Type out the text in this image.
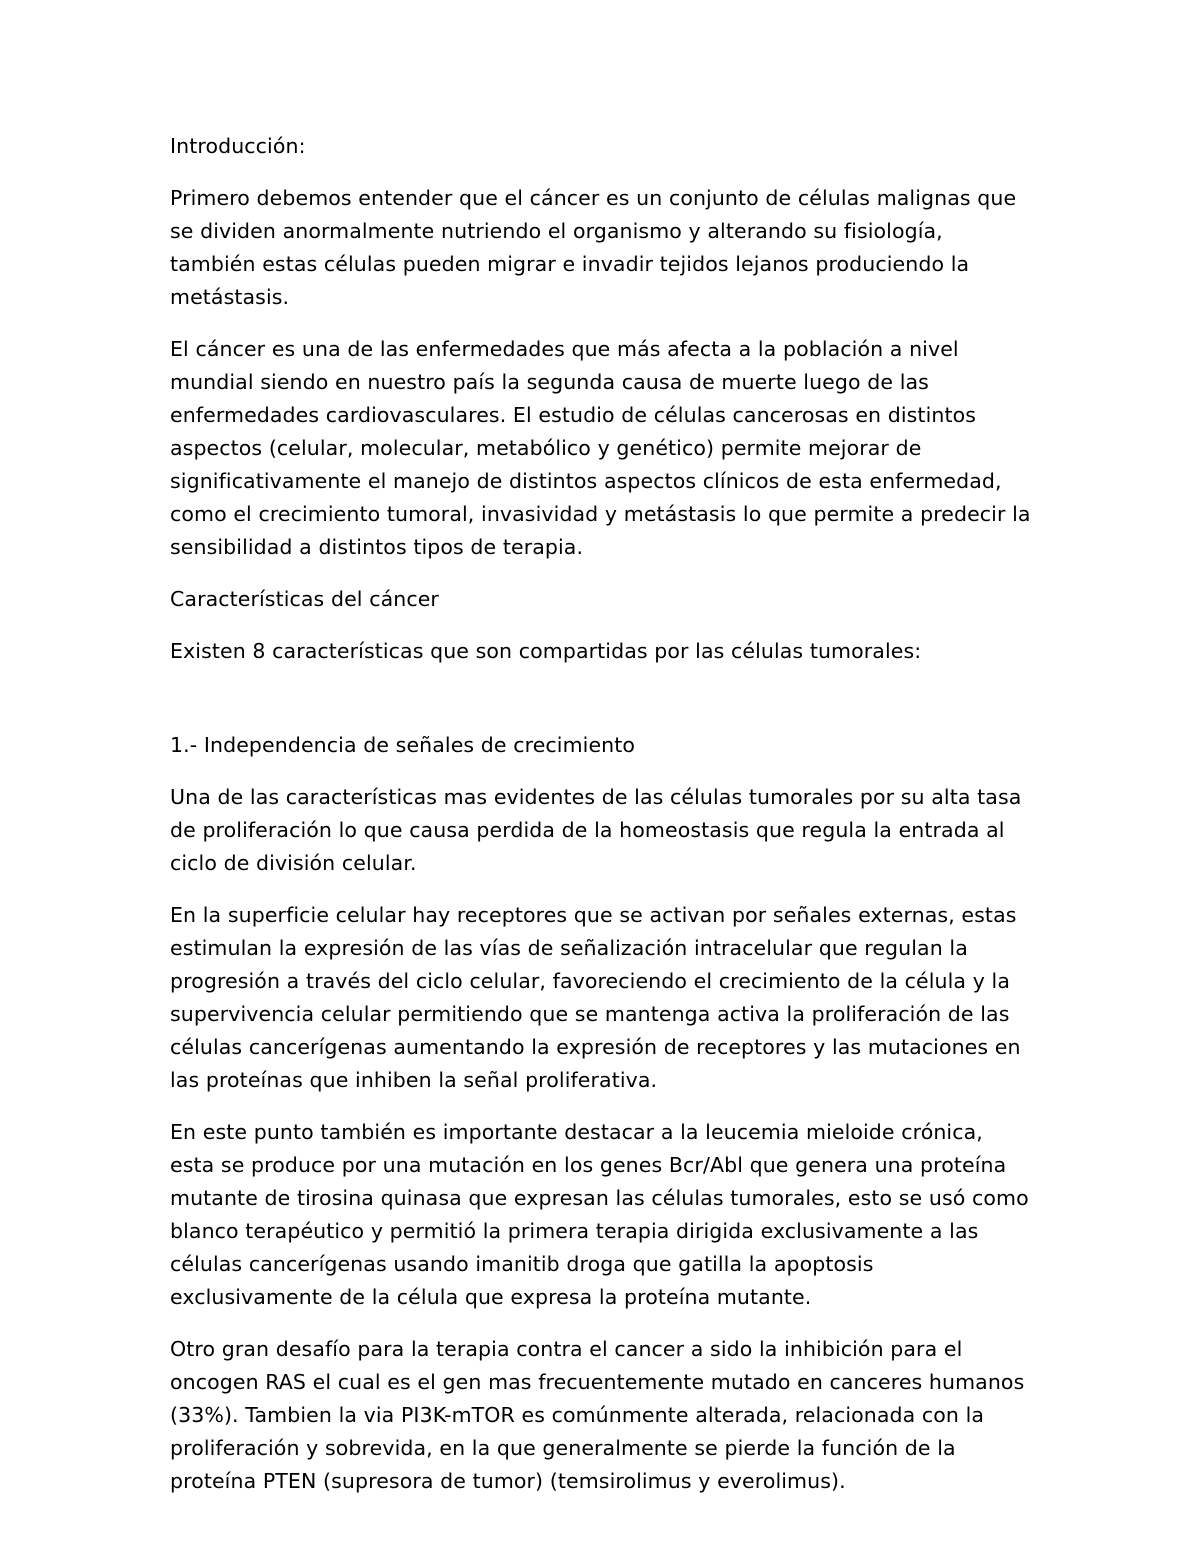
Introducción:

Primero debemos entender que el cáncer es un conjunto de células malignas que se dividen anormalmente nutriendo el organismo y alterando su fisiología, también estas células pueden migrar e invadir tejidos lejanos produciendo la metástasis.

El cáncer es una de las enfermedades que más afecta a la población a nivel mundial siendo en nuestro país la segunda causa de muerte luego de las enfermedades cardiovasculares. El estudio de células cancerosas en distintos aspectos (celular, molecular, metabólico y genético) permite mejorar de significativamente el manejo de distintos aspectos clínicos de esta enfermedad, como el crecimiento tumoral, invasividad y metástasis lo que permite a predecir la sensibilidad a distintos tipos de terapia.

Características del cáncer

Existen 8 características que son compartidas por las células tumorales:

1.- Independencia de señales de crecimiento

Una de las características mas evidentes de las células tumorales por su alta tasa de proliferación lo que causa perdida de la homeostasis que regula la entrada al ciclo de división celular.

En la superficie celular hay receptores que se activan por señales externas, estas estimulan la expresión de las vías de señalización intracelular que regulan la progresión a través del ciclo celular, favoreciendo el crecimiento de la célula y la supervivencia celular permitiendo que se mantenga activa la proliferación de las células cancerígenas aumentando la expresión de receptores y las mutaciones en las proteínas que inhiben la señal proliferativa.

En este punto también es importante destacar a la leucemia mieloide crónica, esta se produce por una mutación en los genes Bcr/Abl que genera una proteína mutante de tirosina quinasa que expresan las células tumorales, esto se usó como blanco terapéutico y permitió la primera terapia dirigida exclusivamente a las células cancerígenas usando imanitib droga que gatilla la apoptosis exclusivamente de la célula que expresa la proteína mutante.

Otro gran desafío para la terapia contra el cancer a sido la inhibición para el oncogen RAS el cual es el gen mas frecuentemente mutado en canceres humanos (33%). Tambien la via PI3K-mTOR es comúnmente alterada, relacionada con la proliferación y sobrevida, en la que generalmente se pierde la función de la proteína PTEN (supresora de tumor) (temsirolimus y everolimus).
